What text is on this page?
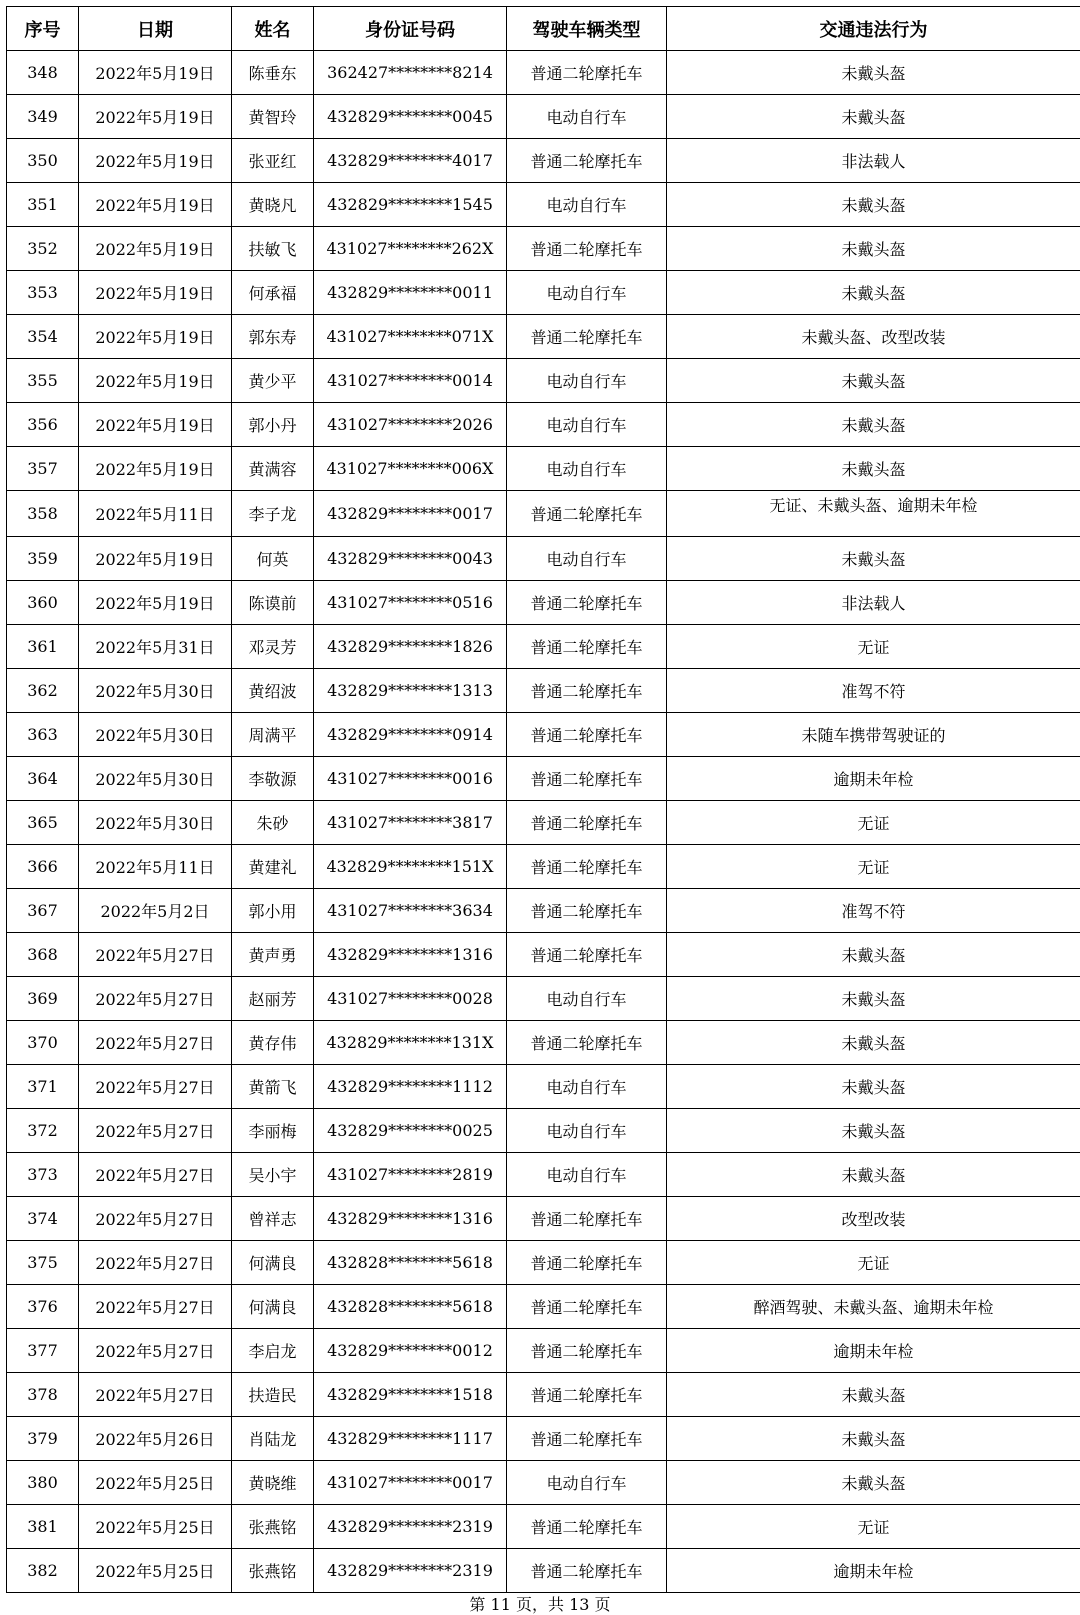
序号	日期	姓名	身份证号码	驾驶车辆类型	交通违法行为
348	2022年5月19日	陈垂东	362427********8214	普通二轮摩托车	未戴头盔
349	2022年5月19日	黄智玲	432829********0045	电动自行车	未戴头盔
350	2022年5月19日	张亚红	432829********4017	普通二轮摩托车	非法载人
351	2022年5月19日	黄晓凡	432829********1545	电动自行车	未戴头盔
352	2022年5月19日	扶敏飞	431027********262X	普通二轮摩托车	未戴头盔
353	2022年5月19日	何承福	432829********0011	电动自行车	未戴头盔
354	2022年5月19日	郭东寿	431027********071X	普通二轮摩托车	未戴头盔、改型改装
355	2022年5月19日	黄少平	431027********0014	电动自行车	未戴头盔
356	2022年5月19日	郭小丹	431027********2026	电动自行车	未戴头盔
357	2022年5月19日	黄满容	431027********006X	电动自行车	未戴头盔
358	2022年5月11日	李子龙	432829********0017	普通二轮摩托车	无证、未戴头盔、逾期未年检
359	2022年5月19日	何英	432829********0043	电动自行车	未戴头盔
360	2022年5月19日	陈谟前	431027********0516	普通二轮摩托车	非法载人
361	2022年5月31日	邓灵芳	432829********1826	普通二轮摩托车	无证
362	2022年5月30日	黄绍波	432829********1313	普通二轮摩托车	准驾不符
363	2022年5月30日	周满平	432829********0914	普通二轮摩托车	未随车携带驾驶证的
364	2022年5月30日	李敬源	431027********0016	普通二轮摩托车	逾期未年检
365	2022年5月30日	朱砂	431027********3817	普通二轮摩托车	无证
366	2022年5月11日	黄建礼	432829********151X	普通二轮摩托车	无证
367	2022年5月2日	郭小用	431027********3634	普通二轮摩托车	准驾不符
368	2022年5月27日	黄声勇	432829********1316	普通二轮摩托车	未戴头盔
369	2022年5月27日	赵丽芳	431027********0028	电动自行车	未戴头盔
370	2022年5月27日	黄存伟	432829********131X	普通二轮摩托车	未戴头盔
371	2022年5月27日	黄箭飞	432829********1112	电动自行车	未戴头盔
372	2022年5月27日	李丽梅	432829********0025	电动自行车	未戴头盔
373	2022年5月27日	吴小宇	431027********2819	电动自行车	未戴头盔
374	2022年5月27日	曾祥志	432829********1316	普通二轮摩托车	改型改装
375	2022年5月27日	何满良	432828********5618	普通二轮摩托车	无证
376	2022年5月27日	何满良	432828********5618	普通二轮摩托车	醉酒驾驶、未戴头盔、逾期未年检
377	2022年5月27日	李启龙	432829********0012	普通二轮摩托车	逾期未年检
378	2022年5月27日	扶造民	432829********1518	普通二轮摩托车	未戴头盔
379	2022年5月26日	肖陆龙	432829********1117	普通二轮摩托车	未戴头盔
380	2022年5月25日	黄晓维	431027********0017	电动自行车	未戴头盔
381	2022年5月25日	张燕铭	432829********2319	普通二轮摩托车	无证
382	2022年5月25日	张燕铭	432829********2319	普通二轮摩托车	逾期未年检
第 11 页，共 13 页
